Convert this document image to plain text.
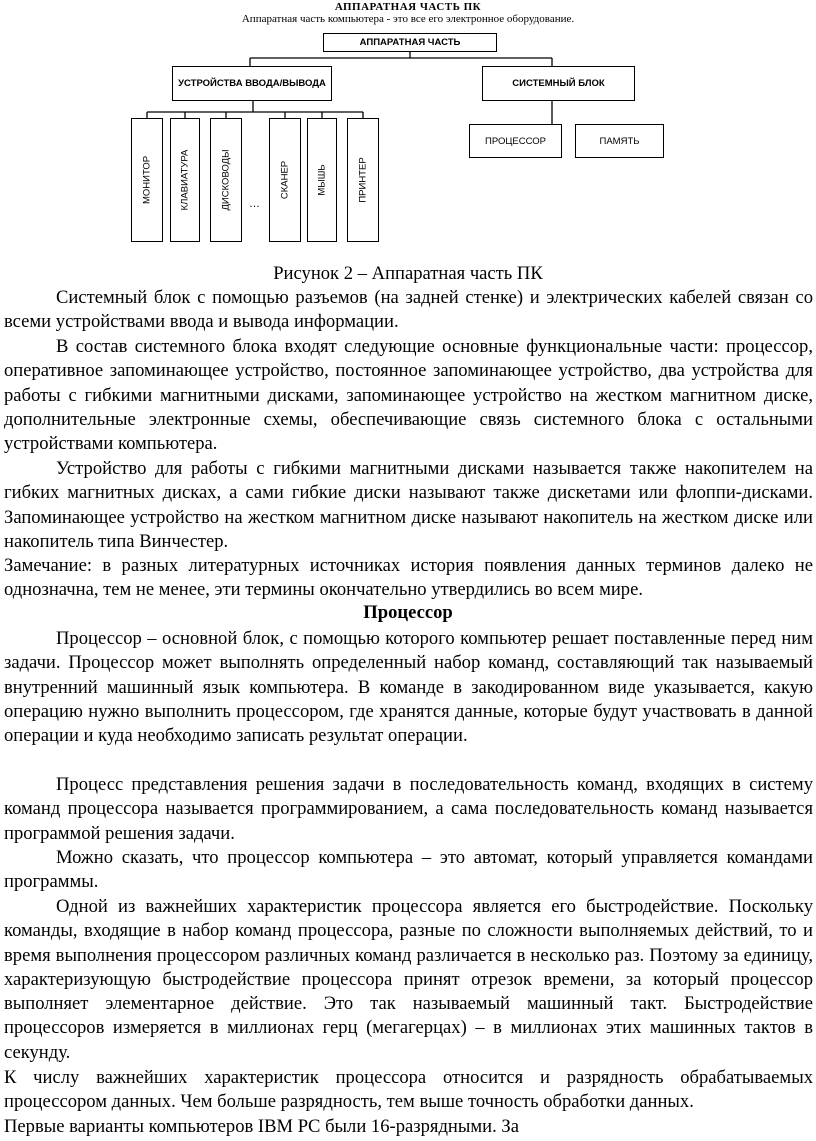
АППАРАТНАЯ ЧАСТЬ ПК
Аппаратная часть компьютера - это все его электронное оборудование.
АППАРАТНАЯ ЧАСТЬ
УСТРОЙСТВА ВВОДА/ВЫВОДА	СИСТЕМНЫЙ БЛОК
ПРОЦЕССОР	ПАМЯТЬ
МОНИТОР	КЛАВИАТУРА	ДИСКОВОДЫ …
СКАНЕР	МЫШЬ	ПРИНТЕР

Рисунок 2 – Аппаратная часть ПК

Системный блок с помощью разъемов (на задней стенке) и электрических кабелей связан со всеми устройствами ввода и вывода информации.

В состав системного блока входят следующие основные функциональные части: процессор, оперативное запоминающее устройство, постоянное запоминающее устройство, два устройства для работы с гибкими магнитными дисками, запоминающее устройство на жестком магнитном диске, дополнительные электронные схемы, обеспечивающие связь системного блока с остальными устройствами компьютера.

Устройство для работы с гибкими магнитными дисками называется также накопителем на гибких магнитных дисках, а сами гибкие диски называют также дискетами или флоппи-дисками. Запоминающее устройство на жестком магнитном диске называют накопитель на жестком диске или накопитель типа Винчестер.

Замечание: в разных литературных источниках история появления данных терминов далеко не однозначна, тем не менее, эти термины окончательно утвердились во всем мире.

Процессор

Процессор – основной блок, с помощью которого компьютер решает поставленные перед ним задачи. Процессор может выполнять определенный набор команд, составляющий так называемый внутренний машинный язык компьютера. В команде в закодированном виде указывается, какую операцию нужно выполнить процессором, где хранятся данные, которые будут участвовать в данной операции и куда необходимо записать результат операции.

Процесс представления решения задачи в последовательность команд, входящих в систему команд процессора называется программированием, а сама последовательность команд называется программой решения задачи.

Можно сказать, что процессор компьютера – это автомат, который управляется командами программы.

Одной из важнейших характеристик процессора является его быстродействие. Поскольку команды, входящие в набор команд процессора, разные по сложности выполняемых действий, то и время выполнения процессором различных команд различается в несколько раз. Поэтому за единицу, характеризующую быстродействие процессора принят отрезок времени, за который процессор выполняет элементарное действие. Это так называемый машинный такт. Быстродействие процессоров измеряется в миллионах герц (мегагерцах) – в миллионах этих машинных тактов в секунду.

К числу важнейших характеристик процессора относится и разрядность обрабатываемых процессором данных. Чем больше разрядность, тем выше точность обработки данных.

Первые варианты компьютеров IBM PC были 16-разрядными. За
